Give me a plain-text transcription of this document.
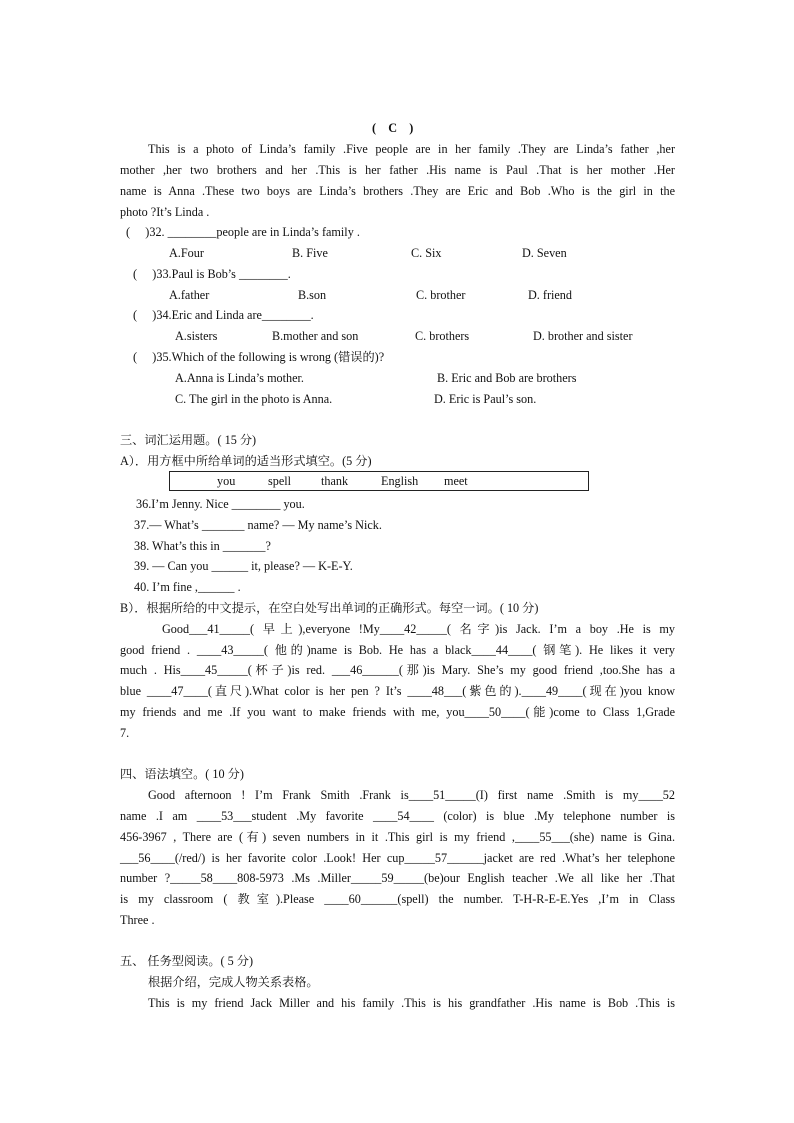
(　C　)
This is a photo of Linda’s family .Five people are in her family .They are Linda’s father ,her
mother ,her two brothers and her .This is her father .His name is Paul .That is her mother .Her
name is Anna .These two boys are Linda’s brothers .They are Eric and Bob .Who is the girl in the
photo ?It’s Linda .
(　 )32. ________people are in Linda’s family .
A.Four	B. Five	C. Six	D. Seven
(　 )33.Paul is Bob’s ________.
A.father	B.son	C. brother	D. friend
(　 )34.Eric and Linda are________.
A.sisters	B.mother and son	C. brothers	D. brother and sister
(　 )35.Which of the following is wrong (错误的)?
A.Anna is Linda’s mother.	B. Eric and Bob are brothers
C. The girl in the photo is Anna.	D. Eric is Paul’s son.
三、词汇运用题。( 15 分)
A）．用方框中所给单词的适当形式填空。(5 分)
you	spell thank	English meet
36.I’m Jenny. Nice ________ you.
37.— What’s _______ name? — My name’s Nick.
38. What’s this in _______?
39. — Can you ______ it, please? — K-E-Y.
40. I’m fine ,______ .
B）．根据所给的中文提示，在空白处写出单词的正确形式。每空一词。( 10 分)
Good___41_____( 早上),everyone !My____42_____( 名字)is Jack. I’m a boy .He is my
good friend . ____43_____( 他的)name is Bob. He has a black____44____( 钢笔). He likes it very
much . His____45_____(杯子)is red. ___46______(那)is Mary. She’s my good friend ,too.She has a
blue ____47____(直尺).What color is her pen ? It’s ____48___(紫色的).____49____(现在)you know
my friends and me .If you want to make friends with me, you____50____(能)come to Class 1,Grade
7.
四、语法填空。( 10 分)
Good afternoon ! I’m Frank Smith .Frank is____51_____(I) first name .Smith is my____52
name .I am ____53___student .My favorite ____54____ (color) is blue .My telephone number is
456-3967 , There are (有) seven numbers in it .This girl is my friend ,____55___(she) name is Gina.
___56____(/red/) is her favorite color .Look! Her cup_____57______jacket are red .What’s her telephone
number ?_____58____808-5973 .Ms .Miller_____59_____(be)our English teacher .We all like her .That
is my classroom ( 教室).Please ____60______(spell) the number. T-H-R-E-E.Yes ,I’m in Class
Three .
五、 任务型阅读。( 5 分)
根据介绍，完成人物关系表格。
This is my friend Jack Miller and his family .This is his grandfather .His name is Bob .This is
